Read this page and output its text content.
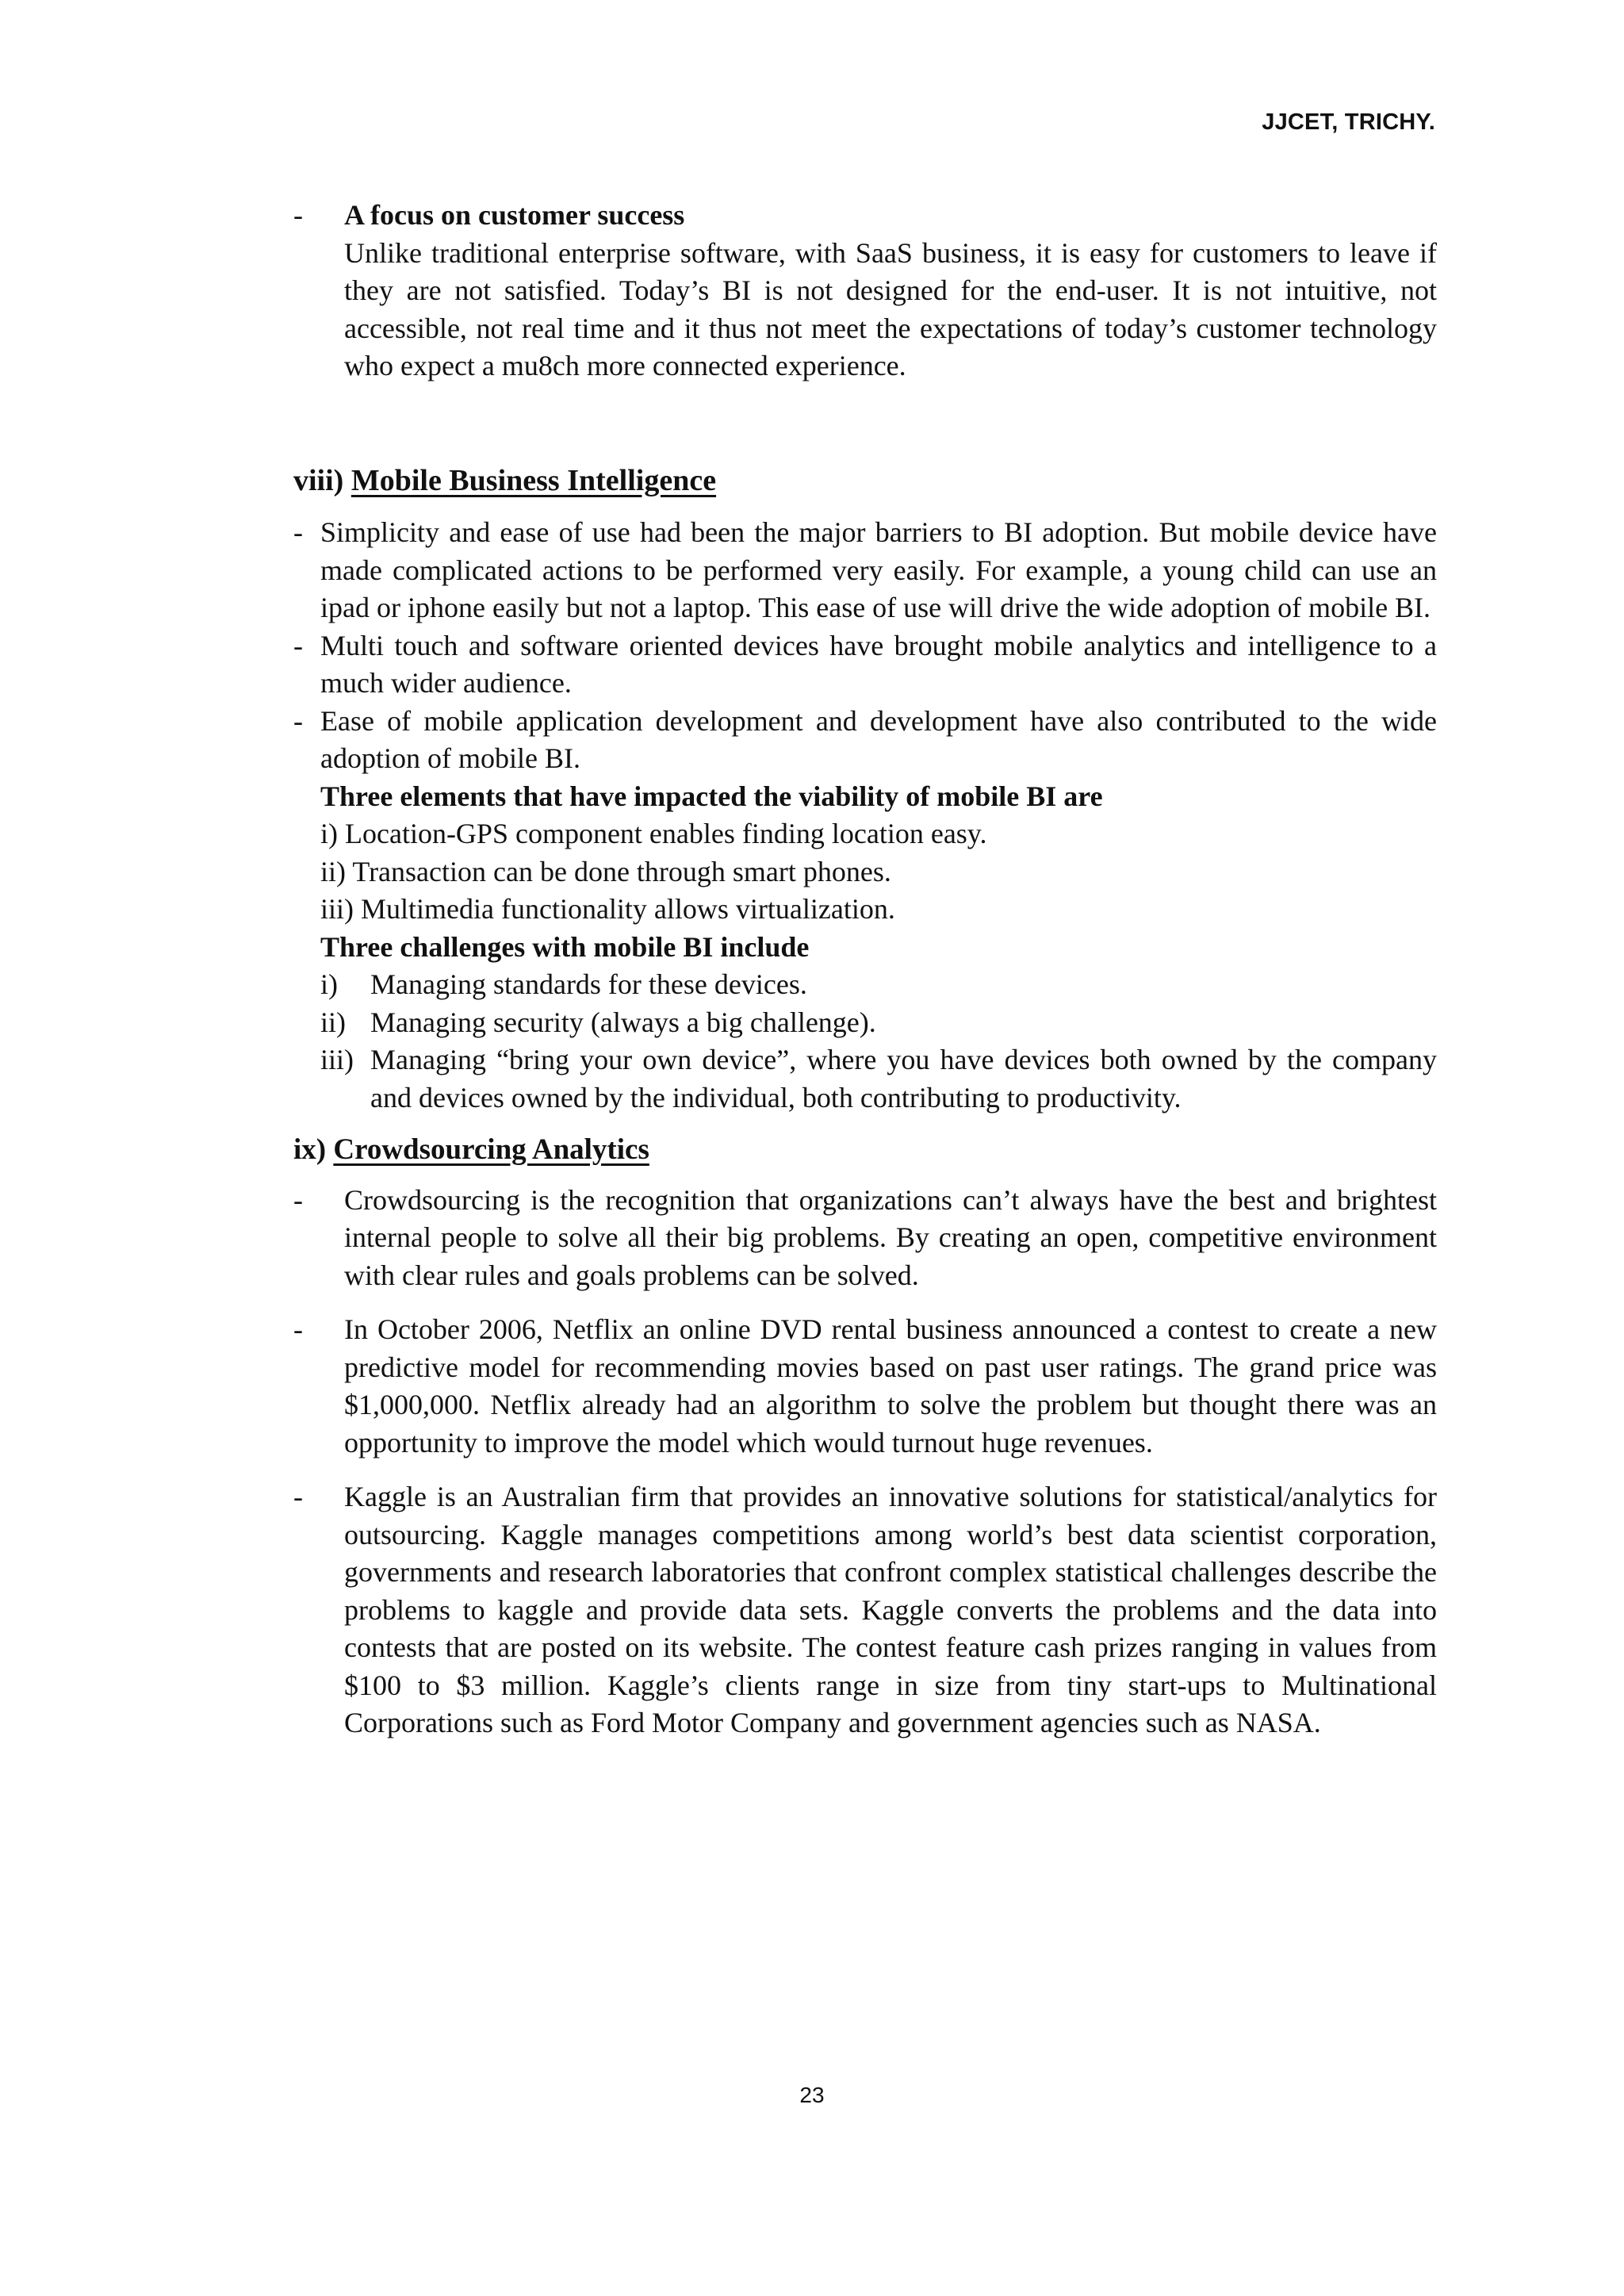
JJCET, TRICHY.
-	A focus on customer success

Unlike traditional enterprise software, with SaaS business, it is easy for customers to leave if they are not satisfied. Today’s BI is not designed for the end-user. It is not intuitive, not accessible, not real time and it thus not meet the expectations of today’s customer technology who expect a mu8ch more connected experience.

viii) Mobile Business Intelligence
- Simplicity and ease of use had been the major barriers to BI adoption. But mobile device have made complicated actions to be performed very easily. For example, a young child can use an ipad or iphone easily but not a laptop. This ease of use will drive the wide adoption of mobile BI.
- Multi touch and software oriented devices have brought mobile analytics and intelligence to a much wider audience.
- Ease of mobile application development and development have also contributed to the wide adoption of mobile BI.

Three elements that have impacted the viability of mobile BI are

i) Location-GPS component enables finding location easy.

ii) Transaction can be done through smart phones.

iii) Multimedia functionality allows virtualization.

Three challenges with mobile BI include

i)	Managing standards for these devices.
ii) Managing security (always a big challenge).
iii) Managing “bring your own device”, where you have devices both owned by the company and devices owned by the individual, both contributing to productivity.
ix) Crowdsourcing Analytics
-	Crowdsourcing is the recognition that organizations can’t always have the best and brightest internal people to solve all their big problems. By creating an open, competitive environment with clear rules and goals problems can be solved.
-	In October 2006, Netflix an online DVD rental business announced a contest to create a new predictive model for recommending movies based on past user ratings. The grand price was $1,000,000. Netflix already had an algorithm to solve the problem but thought there was an opportunity to improve the model which would turnout huge revenues.
-	Kaggle is an Australian firm that provides an innovative solutions for statistical/analytics for outsourcing. Kaggle manages competitions among world’s best data scientist corporation, governments and research laboratories that confront complex statistical challenges describe the problems to kaggle and provide data sets. Kaggle converts the problems and the data into contests that are posted on its website. The contest feature cash prizes ranging in values from $100 to $3 million. Kaggle’s clients range in size from tiny start-ups to Multinational Corporations such as Ford Motor Company and government agencies such as NASA.
23
